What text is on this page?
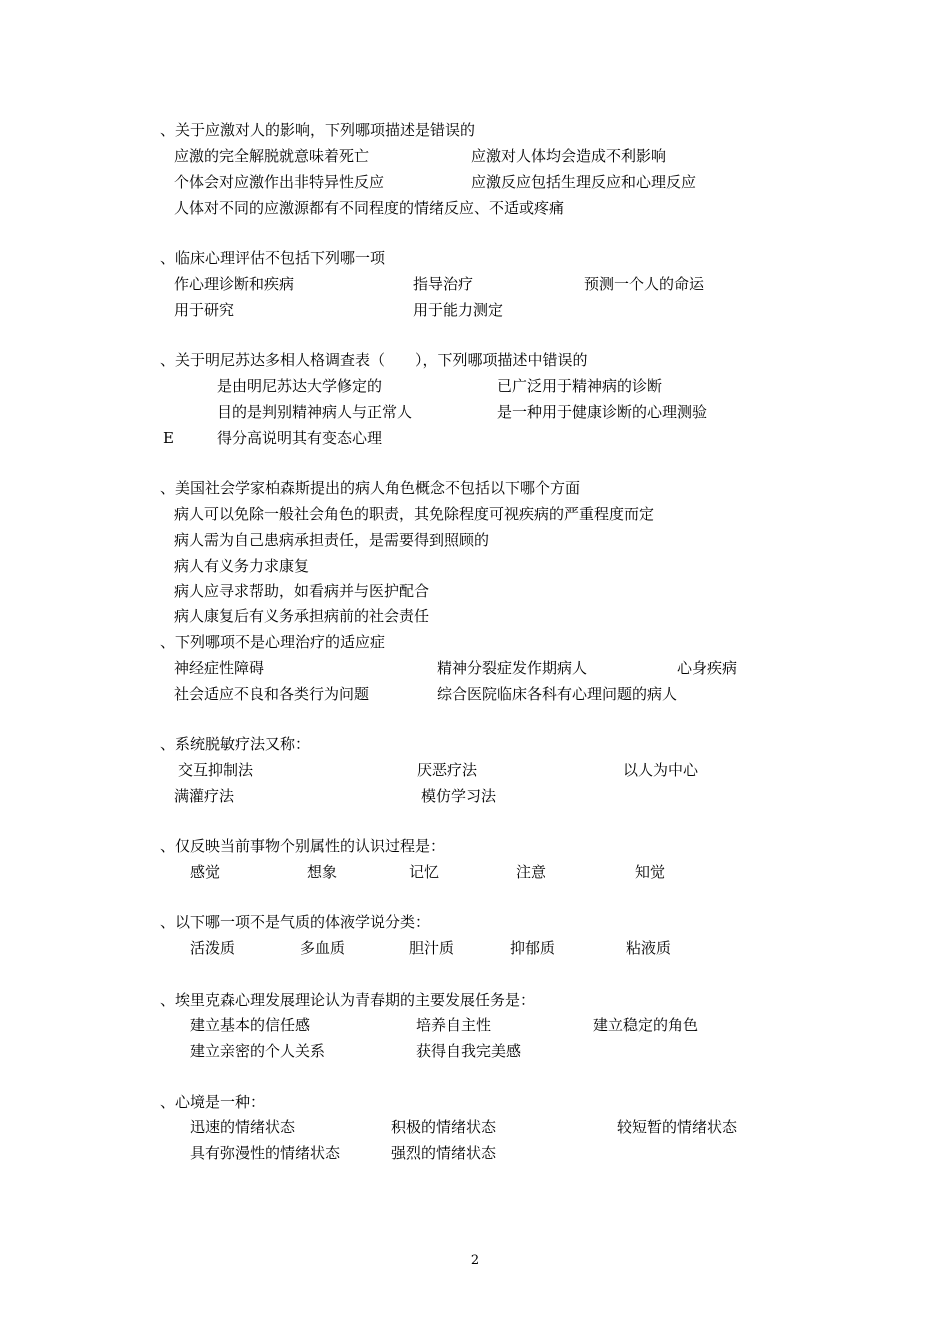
、关于应激对人的影响，下列哪项描述是错误的
应激的完全解脱就意味着死亡	应激对人体均会造成不利影响
个体会对应激作出非特异性反应	应激反应包括生理反应和心理反应
人体对不同的应激源都有不同程度的情绪反应、不适或疼痛
、临床心理评估不包括下列哪一项
作心理诊断和疾病	指导治疗	预测一个人的命运
用于研究	用于能力测定
、关于明尼苏达多相人格调查表（　　），下列哪项描述中错误的
是由明尼苏达大学修定的	已广泛用于精神病的诊断
目的是判别精神病人与正常人	是一种用于健康诊断的心理测验
E	得分高说明其有变态心理
、美国社会学家柏森斯提出的病人角色概念不包括以下哪个方面
病人可以免除一般社会角色的职责，其免除程度可视疾病的严重程度而定
病人需为自己患病承担责任，是需要得到照顾的
病人有义务力求康复
病人应寻求帮助，如看病并与医护配合
病人康复后有义务承担病前的社会责任
、下列哪项不是心理治疗的适应症
神经症性障碍	精神分裂症发作期病人	心身疾病
社会适应不良和各类行为问题	综合医院临床各科有心理问题的病人
、系统脱敏疗法又称：
交互抑制法	厌恶疗法	以人为中心
满灌疗法	模仿学习法
、仅反映当前事物个别属性的认识过程是：
感觉	想象	记忆	注意	知觉
、以下哪一项不是气质的体液学说分类：
活泼质	多血质	胆汁质	抑郁质	粘液质
、埃里克森心理发展理论认为青春期的主要发展任务是：
建立基本的信任感	培养自主性	建立稳定的角色
建立亲密的个人关系	获得自我完美感
、心境是一种：
迅速的情绪状态	积极的情绪状态	较短暂的情绪状态
具有弥漫性的情绪状态	强烈的情绪状态
2
